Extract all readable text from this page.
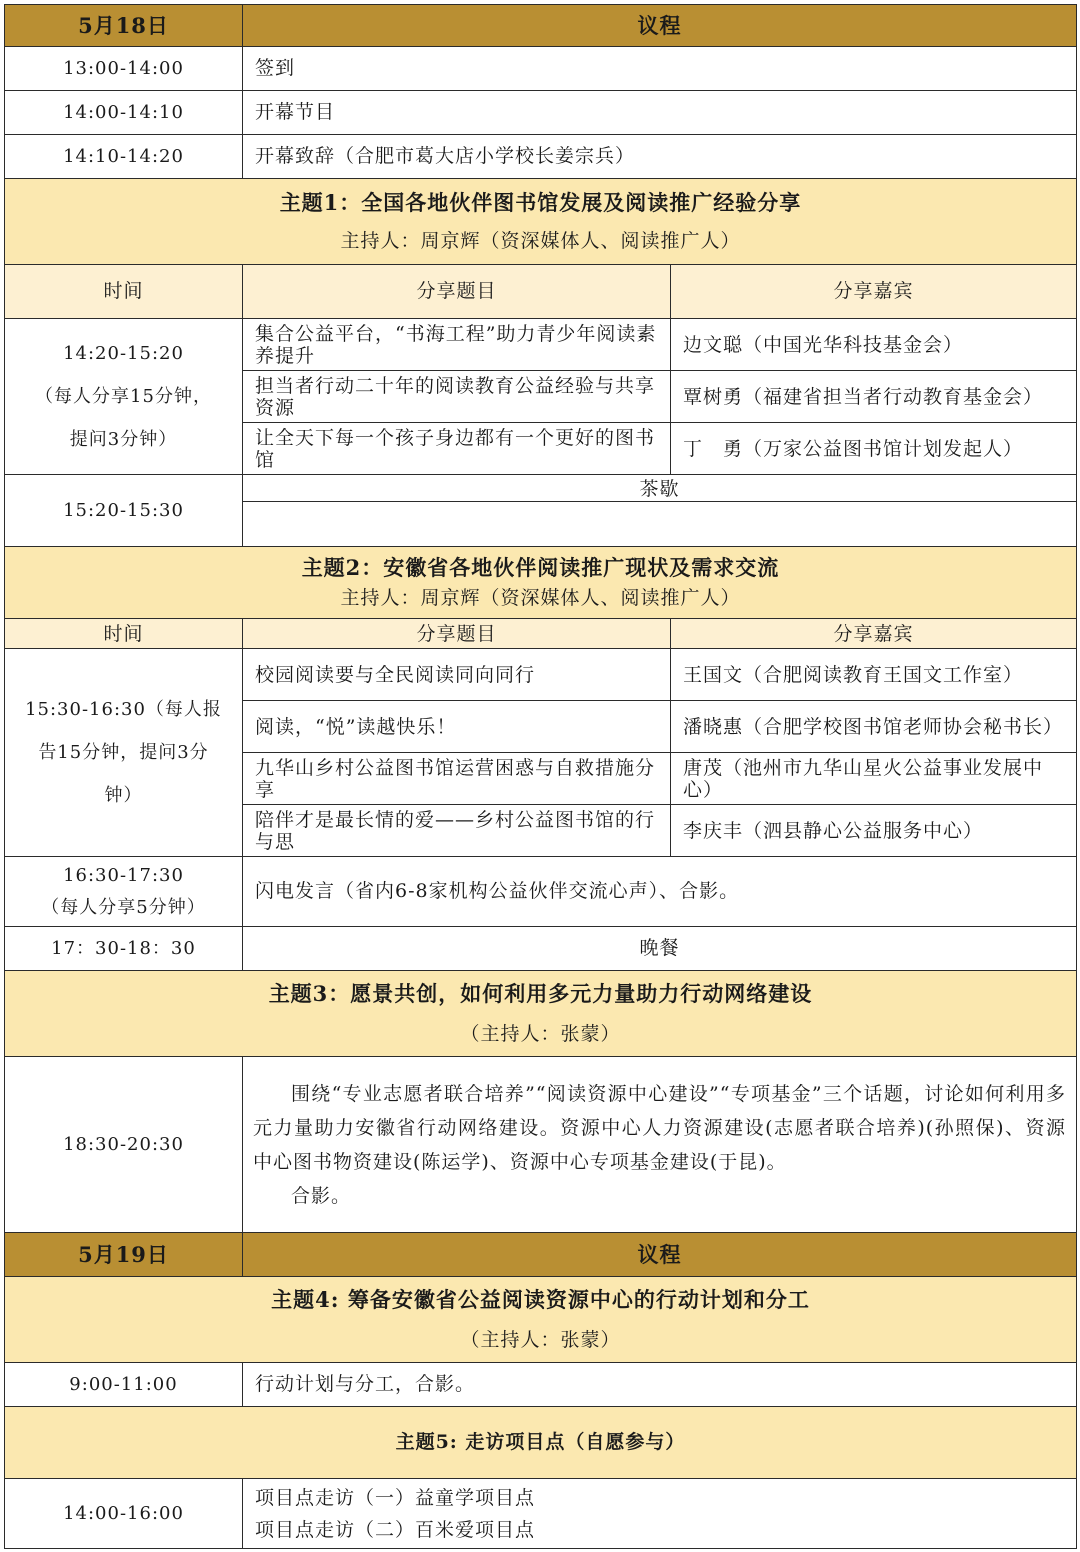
5月18日	议程	
13:00-14:00	签到	
14:00-14:10	开幕节目	
14:10-14:20	开幕致辞（合肥市葛大店小学校长姜宗兵）	

主题1：全国各地伙伴图书馆发展及阅读推广经验分享
主持人：周京辉（资深媒体人、阅读推广人）		

时间	分享题目	分享嘉宾

14:20-15:20
（每人分享15分钟，
提问3分钟）	集合公益平台，“书海工程”助力青少年阅读素养提升	边文聪（中国光华科技基金会）
	担当者行动二十年的阅读教育公益经验与共享资源	覃树勇（福建省担当者行动教育基金会）
	让全天下每一个孩子身边都有一个更好的图书馆	丁　勇（万家公益图书馆计划发起人）
15:20-15:30	茶歇	

主题2：安徽省各地伙伴阅读推广现状及需求交流
主持人：周京辉（资深媒体人、阅读推广人）		

时间	分享题目	分享嘉宾

15:30-16:30（每人报
告15分钟，提问3分
钟）	校园阅读要与全民阅读同向同行	王国文（合肥阅读教育王国文工作室）
	阅读，“悦”读越快乐！	潘晓惠（合肥学校图书馆老师协会秘书长）
	九华山乡村公益图书馆运营困惑与自救措施分享	唐茂（池州市九华山星火公益事业发展中心）
	陪伴才是最长情的爱——乡村公益图书馆的行与思	李庆丰（泗县静心公益服务中心）

16:30-17:30
（每人分享5分钟）	闪电发言（省内6-8家机构公益伙伴交流心声）、合影。	
17：30-18：30	晚餐	

主题3：愿景共创，如何利用多元力量助力行动网络建设
（主持人：张蒙）		

18:30-20:30	围绕“专业志愿者联合培养”“阅读资源中心建设”“专项基金”三个话题，讨论如何利用多元力量助力安徽省行动网络建设。资源中心人力资源建设(志愿者联合培养)(孙照保)、资源中心图书物资建设(陈运学)、资源中心专项基金建设(于昆)。

合影。	

5月19日	议程	

主题4: 筹备安徽省公益阅读资源中心的行动计划和分工
（主持人：张蒙）		

9:00-11:00	行动计划与分工，合影。	

主题5: 走访项目点（自愿参与）		

14:00-16:00	项目点走访（一）益童学项目点
项目点走访（二）百米爱项目点	
